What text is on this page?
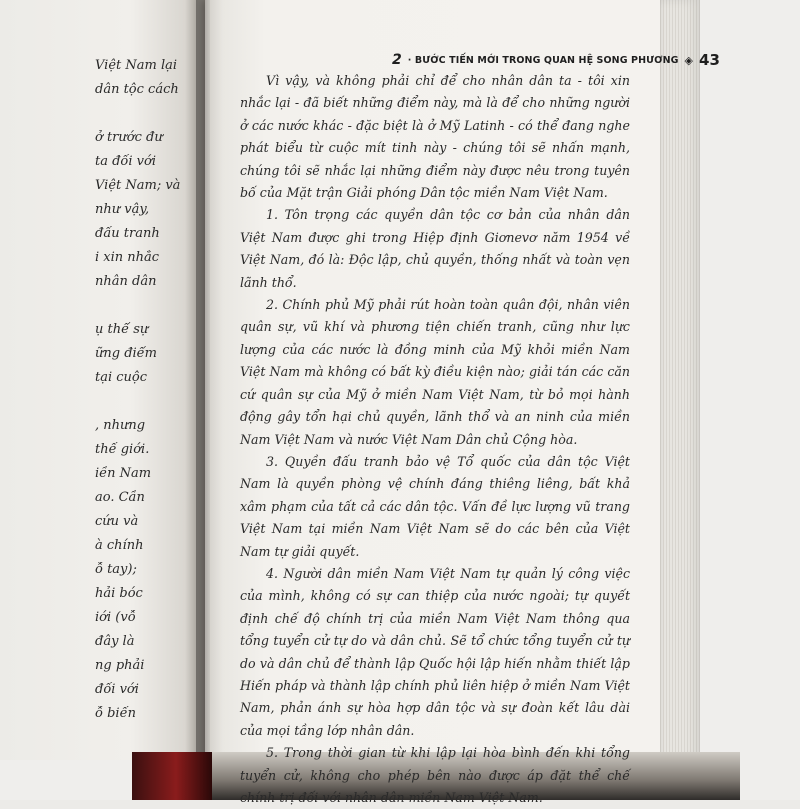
2 · BƯỚC TIẾN MỚI TRONG QUAN HỆ SONG PHƯƠNG ◈ 43

Vì vậy, và không phải chỉ để cho nhân dân ta - tôi xin nhắc lại - đã biết những điểm này, mà là để cho những người ở các nước khác - đặc biệt là ở Mỹ Latinh - có thể đang nghe phát biểu từ cuộc mít tinh này - chúng tôi sẽ nhấn mạnh, chúng tôi sẽ nhắc lại những điểm này được nêu trong tuyên bố của Mặt trận Giải phóng Dân tộc miền Nam Việt Nam.

1. Tôn trọng các quyền dân tộc cơ bản của nhân dân Việt Nam được ghi trong Hiệp định Giơnevơ năm 1954 về Việt Nam, đó là: Độc lập, chủ quyền, thống nhất và toàn vẹn lãnh thổ.

2. Chính phủ Mỹ phải rút hoàn toàn quân đội, nhân viên quân sự, vũ khí và phương tiện chiến tranh, cũng như lực lượng của các nước là đồng minh của Mỹ khỏi miền Nam Việt Nam mà không có bất kỳ điều kiện nào; giải tán các căn cứ quân sự của Mỹ ở miền Nam Việt Nam, từ bỏ mọi hành động gây tổn hại chủ quyền, lãnh thổ và an ninh của miền Nam Việt Nam và nước Việt Nam Dân chủ Cộng hòa.

3. Quyền đấu tranh bảo vệ Tổ quốc của dân tộc Việt Nam là quyền phòng vệ chính đáng thiêng liêng, bất khả xâm phạm của tất cả các dân tộc. Vấn đề lực lượng vũ trang Việt Nam tại miền Nam Việt Nam sẽ do các bên của Việt Nam tự giải quyết.

4. Người dân miền Nam Việt Nam tự quản lý công việc của mình, không có sự can thiệp của nước ngoài; tự quyết định chế độ chính trị của miền Nam Việt Nam thông qua tổng tuyển cử tự do và dân chủ. Sẽ tổ chức tổng tuyển cử tự do và dân chủ để thành lập Quốc hội lập hiến nhằm thiết lập Hiến pháp và thành lập chính phủ liên hiệp ở miền Nam Việt Nam, phản ánh sự hòa hợp dân tộc và sự đoàn kết lâu dài của mọi tầng lớp nhân dân.

5. Trong thời gian từ khi lập lại hòa bình đến khi tổng tuyển cử, không cho phép bên nào được áp đặt thể chế chính trị đối với nhân dân miền Nam Việt Nam.

Việt Nam lại
dân tộc cách
ở trước đư
ta đối với
Việt Nam; và
như vậy,
đấu tranh
i xin nhắc
nhân dân
ụ thể sự
ững điểm
tại cuộc
, nhưng
thế giới.
iền Nam
ao. Cần
cứu và
à chính
ỗ tay);
hải bóc
iới (vỗ
đây là
ng phải
đối với
ỗ biến
